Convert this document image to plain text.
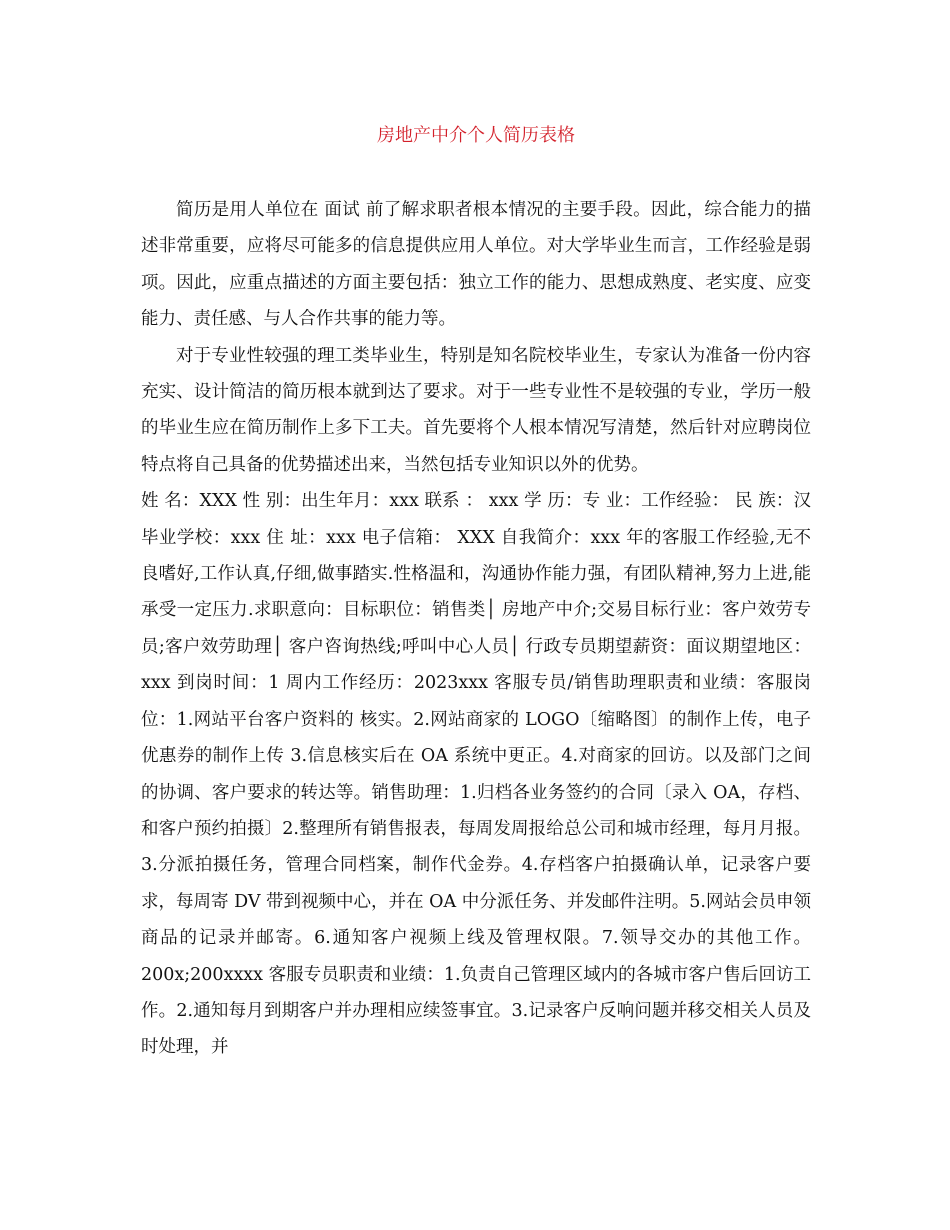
房地产中介个人简历表格

简历是用人单位在 面试 前了解求职者根本情况的主要手段。因此，综合能力的描述非常重要，应将尽可能多的信息提供应用人单位。对大学毕业生而言，工作经验是弱项。因此，应重点描述的方面主要包括：独立工作的能力、思想成熟度、老实度、应变能力、责任感、与人合作共事的能力等。

对于专业性较强的理工类毕业生，特别是知名院校毕业生，专家认为准备一份内容充实、设计简洁的简历根本就到达了要求。对于一些专业性不是较强的专业，学历一般的毕业生应在简历制作上多下工夫。首先要将个人根本情况写清楚，然后针对应聘岗位特点将自己具备的优势描述出来，当然包括专业知识以外的优势。

姓 名：XXX 性 别：出生年月：xxx 联系 ： xxx 学 历：专 业：工作经验： 民 族：汉毕业学校：xxx 住 址：xxx 电子信箱： XXX 自我简介：xxx 年的客服工作经验,无不良嗜好,工作认真,仔细,做事踏实.性格温和，沟通协作能力强，有团队精神,努力上进,能承受一定压力.求职意向：目标职位：销售类│ 房地产中介;交易目标行业：客户效劳专员;客户效劳助理│ 客户咨询热线;呼叫中心人员│ 行政专员期望薪资：面议期望地区：xxx 到岗时间：1 周内工作经历：2023xxx 客服专员/销售助理职责和业绩：客服岗位：1.网站平台客户资料的 核实。2.网站商家的 LOGO〔缩略图〕的制作上传，电子优惠券的制作上传 3.信息核实后在 OA 系统中更正。4.对商家的回访。以及部门之间的协调、客户要求的转达等。销售助理：1.归档各业务签约的合同〔录入 OA，存档、和客户预约拍摄〕2.整理所有销售报表，每周发周报给总公司和城市经理，每月月报。3.分派拍摄任务，管理合同档案，制作代金券。4.存档客户拍摄确认单，记录客户要求，每周寄 DV 带到视频中心，并在 OA 中分派任务、并发邮件注明。5.网站会员申领商品的记录并邮寄。6.通知客户视频上线及管理权限。7.领导交办的其他工作。200x;200xxxx 客服专员职责和业绩：1.负责自己管理区域内的各城市客户售后回访工作。2.通知每月到期客户并办理相应续签事宜。3.记录客户反响问题并移交相关人员及时处理，并
